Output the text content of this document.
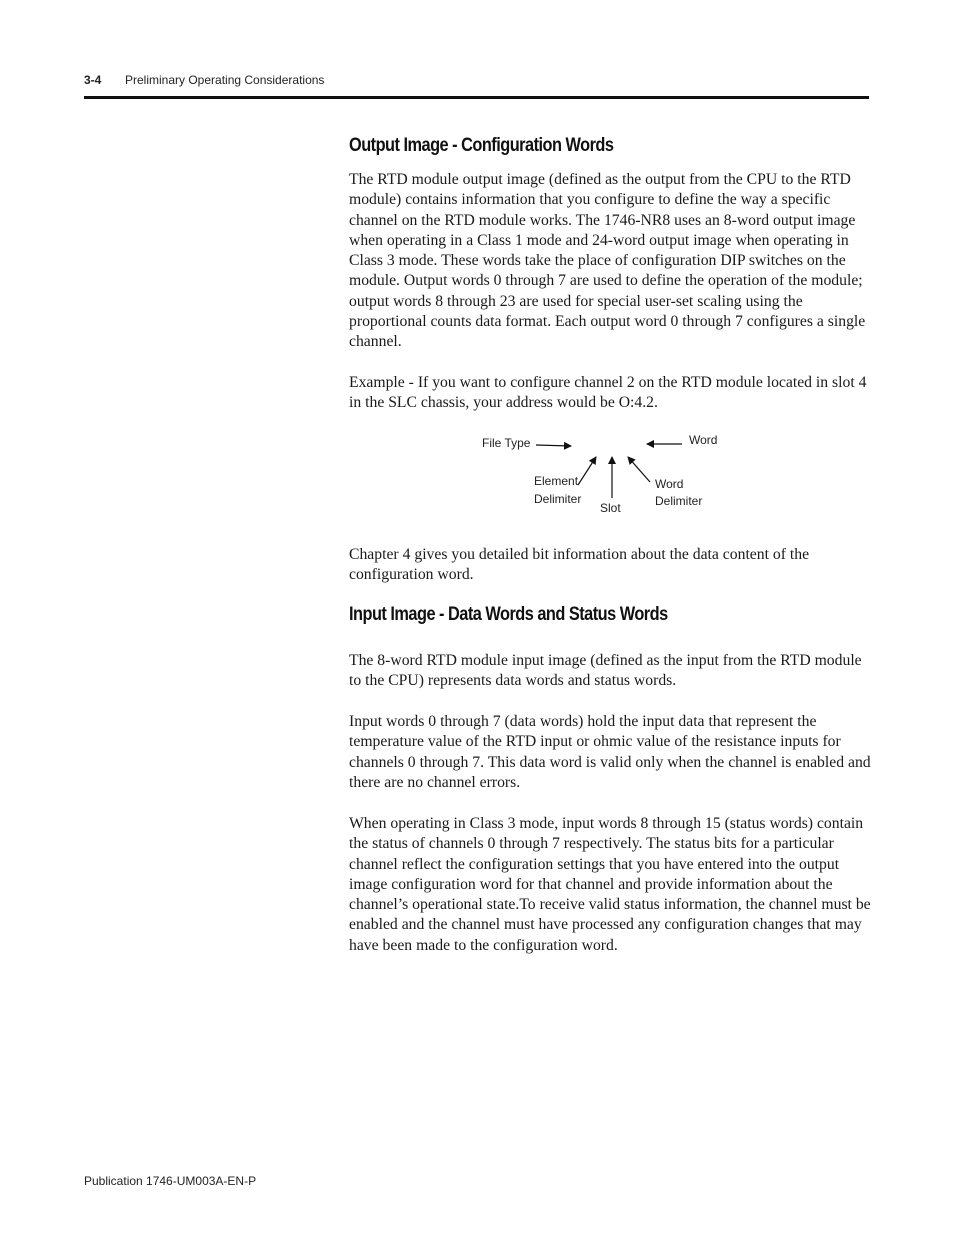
3-4 Preliminary Operating Considerations
Output Image - Configuration Words

The RTD module output image (defined as the output from the CPU to the RTD module) contains information that you configure to define the way a specific channel on the RTD module works. The 1746-NR8 uses an 8-word output image when operating in a Class 1 mode and 24-word output image when operating in Class 3 mode. These words take the place of configuration DIP switches on the module. Output words 0 through 7 are used to define the operation of the module; output words 8 through 23 are used for special user-set scaling using the proportional counts data format. Each output word 0 through 7 configures a single channel.

Example - If you want to configure channel 2 on the RTD module located in slot 4 in the SLC chassis, your address would be O:4.2.

File Type	Word
Element
Delimiter
Slot
Word
Delimiter

Chapter 4 gives you detailed bit information about the data content of the configuration word.

Input Image - Data Words and Status Words

The 8-word RTD module input image (defined as the input from the RTD module to the CPU) represents data words and status words.

Input words 0 through 7 (data words) hold the input data that represent the temperature value of the RTD input or ohmic value of the resistance inputs for channels 0 through 7. This data word is valid only when the channel is enabled and there are no channel errors.

When operating in Class 3 mode, input words 8 through 15 (status words) contain the status of channels 0 through 7 respectively. The status bits for a particular channel reflect the configuration settings that you have entered into the output image configuration word for that channel and provide information about the channel’s operational state.To receive valid status information, the channel must be enabled and the channel must have processed any configuration changes that may have been made to the configuration word.

Publication 1746-UM003A-EN-P
